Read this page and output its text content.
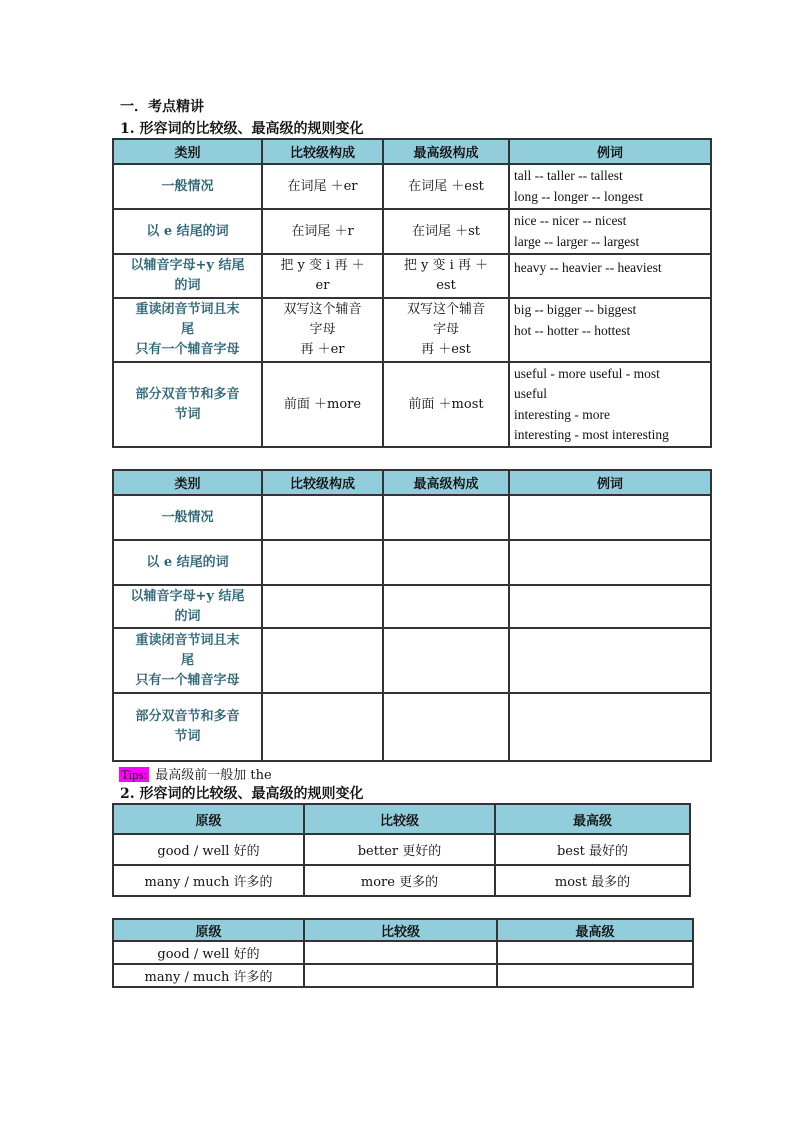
一．考点精讲
1. 形容词的比较级、最高级的规则变化
类别	比较级构成	最高级构成	例词

一般情况	在词尾 ＋er	在词尾 ＋est	tall -- taller -- tallest
long -- longer -- longest

以 e 结尾的词	在词尾 ＋r	在词尾 ＋st	nice -- nicer -- nicest
large -- larger -- largest

以辅音字母+y 结尾
的词	把 y 变 i 再 ＋
er	把 y 变 i 再 ＋
est	heavy -- heavier -- heaviest

重读闭音节词且末
尾
只有一个辅音字母	双写这个辅音
字母
再 ＋er	双写这个辅音
字母
再 ＋est	big -- bigger -- biggest
hot -- hotter -- hottest

部分双音节和多音
节词	前面 ＋more	前面 ＋most	useful - more useful - most
useful
interesting - more
interesting - most interesting
类别	比较级构成	最高级构成	例词

一般情况			

以 e 结尾的词			

以辅音字母+y 结尾
的词			

重读闭音节词且末
尾
只有一个辅音字母			

部分双音节和多音
节词			

Tips: 最高级前一般加 the
2. 形容词的比较级、最高级的规则变化
原级	比较级	最高级
good / well 好的	better 更好的	best 最好的
many / much 许多的	more 更多的	most 最多的
原级	比较级	最高级
good / well 好的		
many / much 许多的		
